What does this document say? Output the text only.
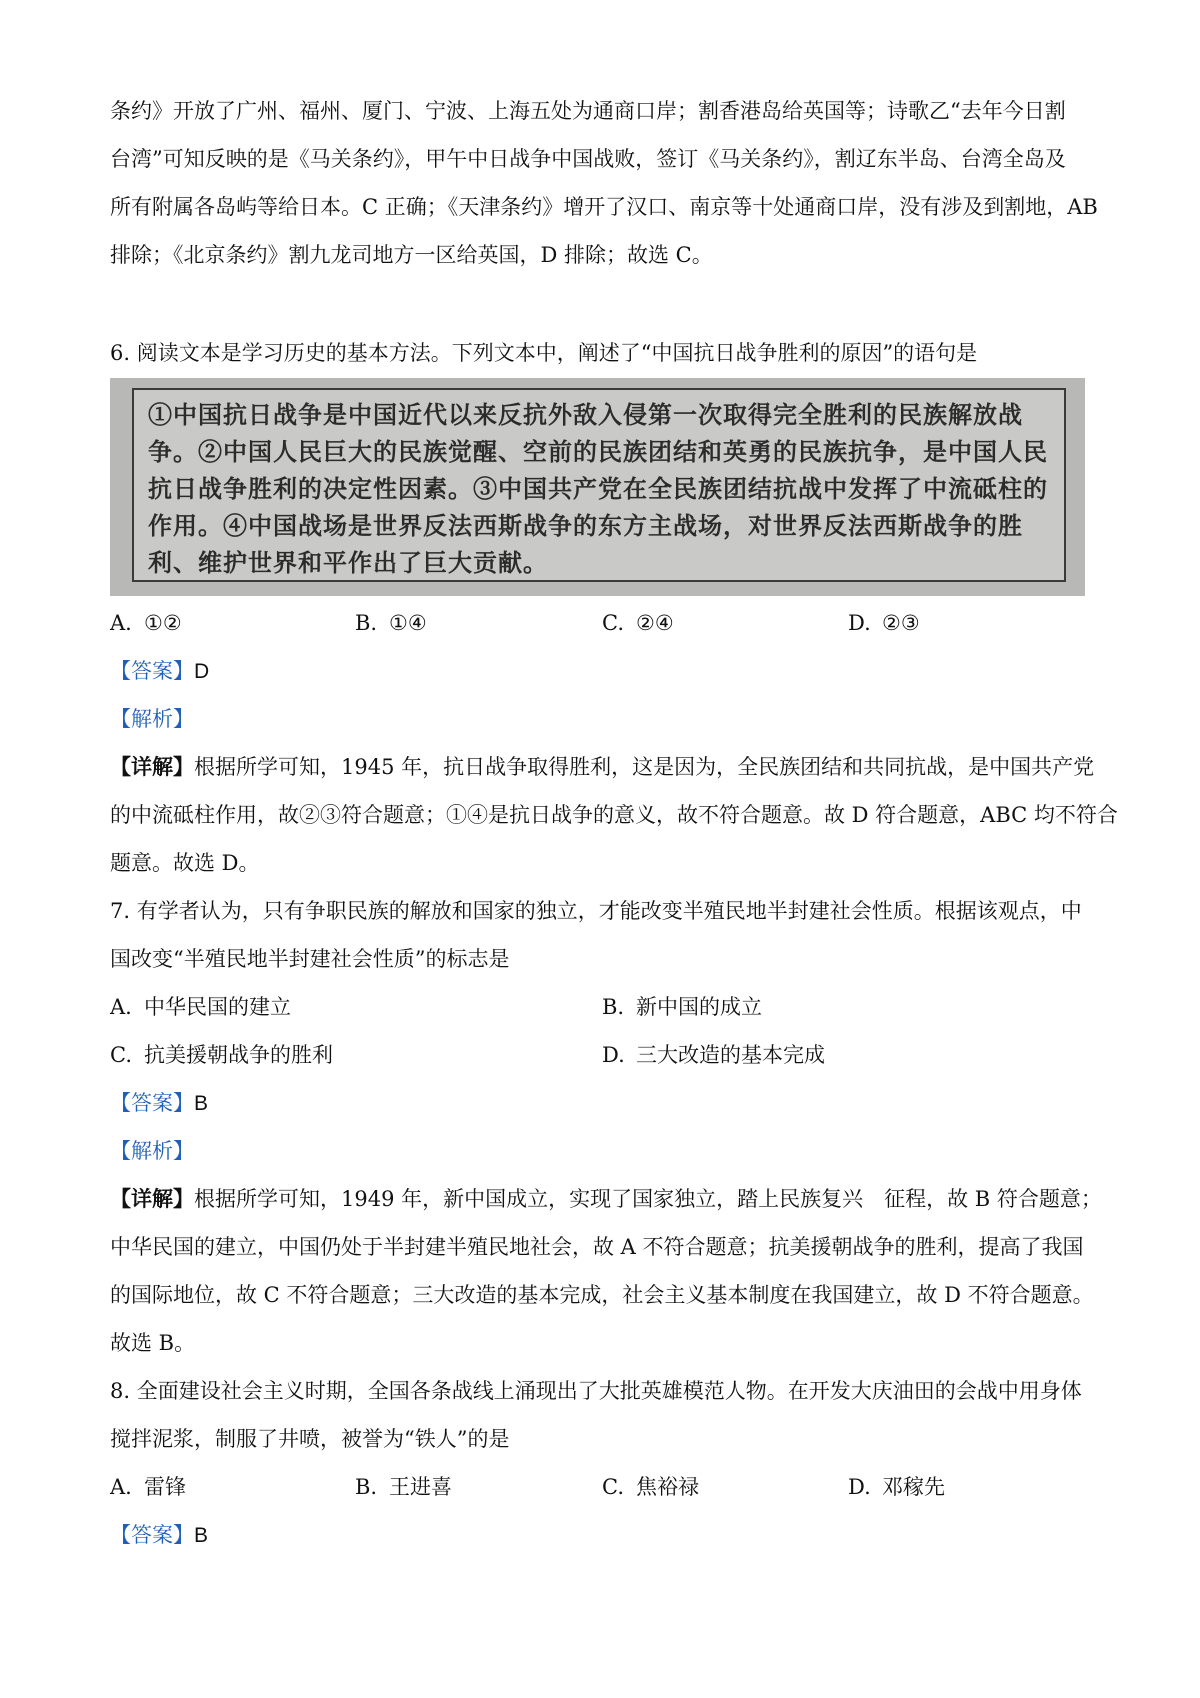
条约》开放了广州、福州、厦门、宁波、上海五处为通商口岸；割香港岛给英国等；诗歌乙“去年今日割
台湾”可知反映的是《马关条约》，甲午中日战争中国战败，签订《马关条约》，割辽东半岛、台湾全岛及
所有附属各岛屿等给日本。C 正确；《天津条约》增开了汉口、南京等十处通商口岸，没有涉及到割地，AB
排除；《北京条约》割九龙司地方一区给英国，D 排除；故选 C。
6. 阅读文本是学习历史的基本方法。下列文本中，阐述了“中国抗日战争胜利的原因”的语句是
①中国抗日战争是中国近代以来反抗外敌入侵第一次取得完全胜利的民族解放战争。②中国人民巨大的民族觉醒、空前的民族团结和英勇的民族抗争，是中国人民抗日战争胜利的决定性因素。③中国共产党在全民族团结抗战中发挥了中流砥柱的作用。④中国战场是世界反法西斯战争的东方主战场，对世界反法西斯战争的胜利、维护世界和平作出了巨大贡献。
A. ①②	B. ①④	C. ②④	D. ②③
【答案】D
【解析】
【详解】根据所学可知，1945 年，抗日战争取得胜利，这是因为，全民族团结和共同抗战，是中国共产党
的中流砥柱作用，故②③符合题意；①④是抗日战争的意义，故不符合题意。故 D 符合题意，ABC 均不符合
题意。故选 D。
7. 有学者认为，只有争职民族的解放和国家的独立，才能改变半殖民地半封建社会性质。根据该观点，中
国改变“半殖民地半封建社会性质”的标志是
A. 中华民国的建立	B. 新中国的成立
C. 抗美援朝战争的胜利	D. 三大改造的基本完成
【答案】B
【解析】
【详解】根据所学可知，1949 年，新中国成立，实现了国家独立，踏上民族复兴　征程，故 B 符合题意；
中华民国的建立，中国仍处于半封建半殖民地社会，故 A 不符合题意；抗美援朝战争的胜利，提高了我国
的国际地位，故 C 不符合题意；三大改造的基本完成，社会主义基本制度在我国建立，故 D 不符合题意。
故选 B。
8. 全面建设社会主义时期，全国各条战线上涌现出了大批英雄模范人物。在开发大庆油田的会战中用身体
搅拌泥浆，制服了井喷，被誉为“铁人”的是
A. 雷锋	B. 王进喜	C. 焦裕禄	D. 邓稼先
【答案】B
